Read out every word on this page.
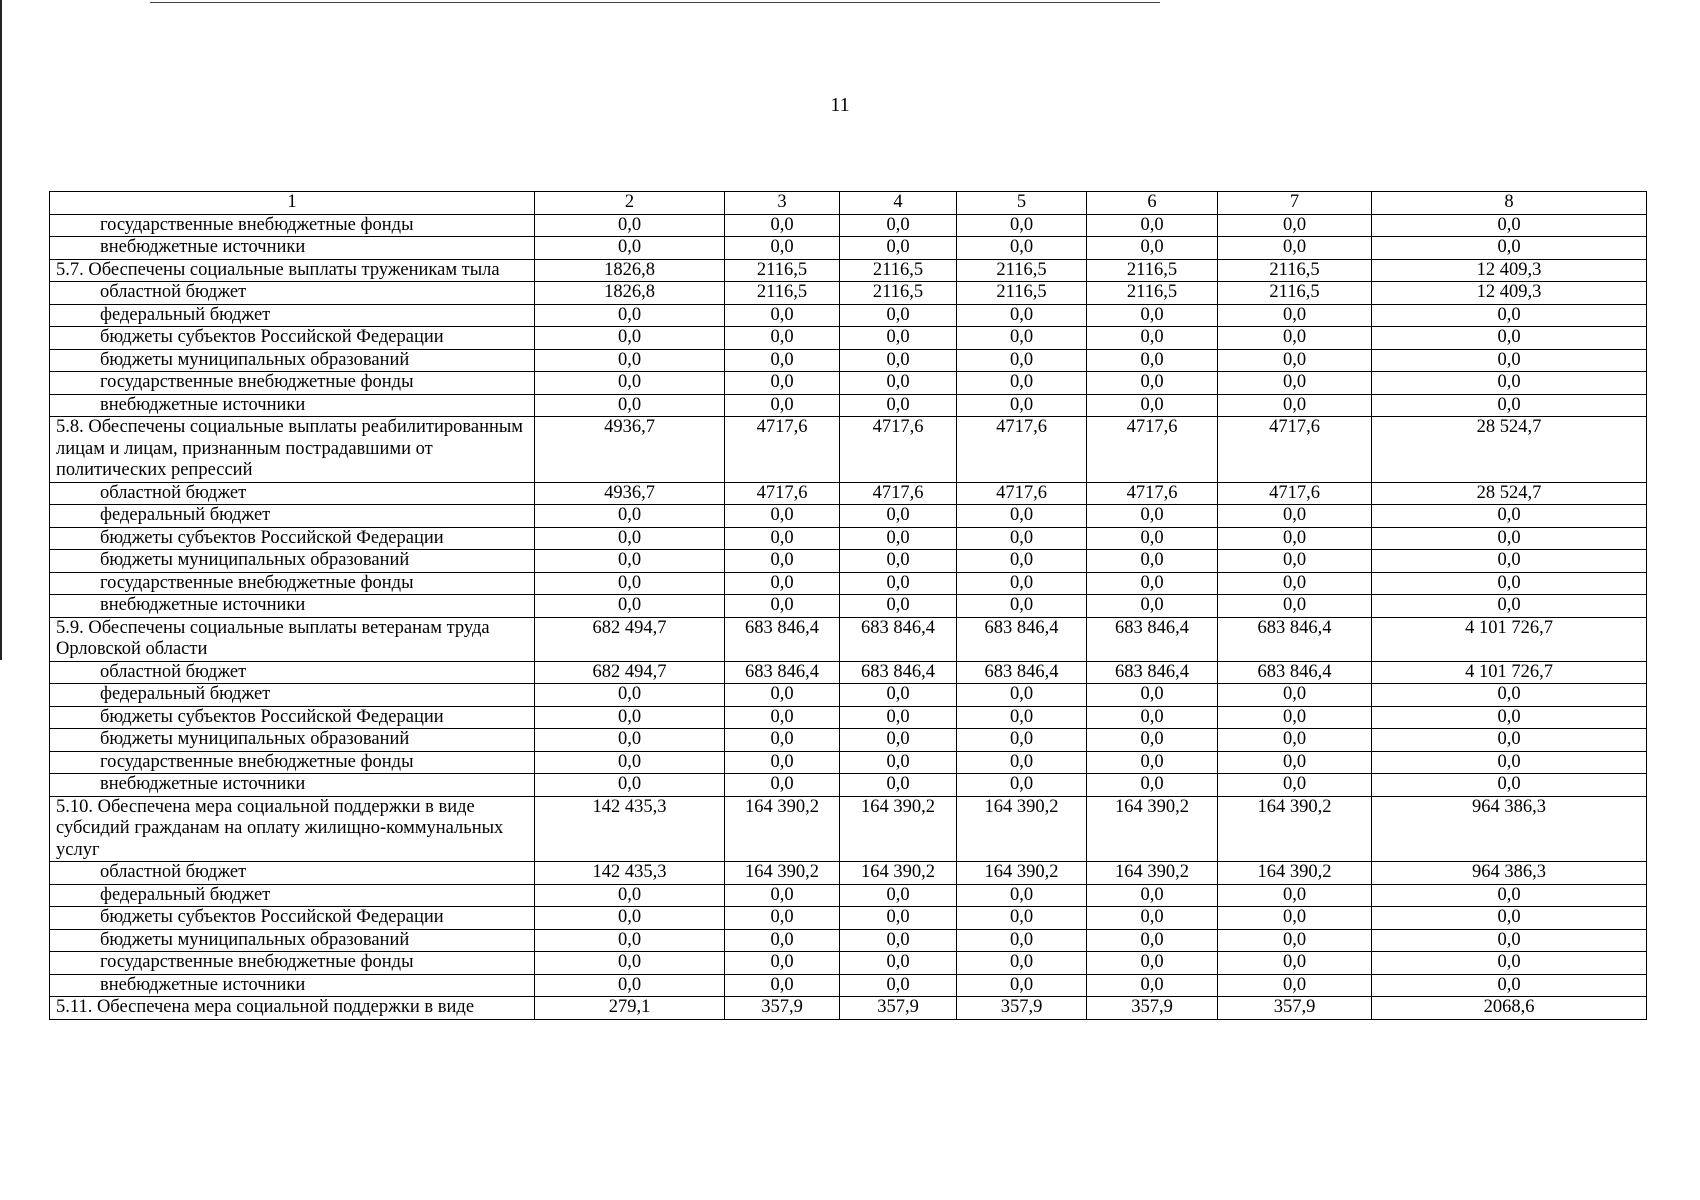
11
1	2	3	4	5	6	7	8
государственные внебюджетные фонды	0,0	0,0	0,0	0,0	0,0	0,0	0,0
внебюджетные источники	0,0	0,0	0,0	0,0	0,0	0,0	0,0
5.7. Обеспечены социальные выплаты труженикам тыла	1826,8	2116,5	2116,5	2116,5	2116,5	2116,5	12 409,3
областной бюджет	1826,8	2116,5	2116,5	2116,5	2116,5	2116,5	12 409,3
федеральный бюджет	0,0	0,0	0,0	0,0	0,0	0,0	0,0
бюджеты субъектов Российской Федерации	0,0	0,0	0,0	0,0	0,0	0,0	0,0
бюджеты муниципальных образований	0,0	0,0	0,0	0,0	0,0	0,0	0,0
государственные внебюджетные фонды	0,0	0,0	0,0	0,0	0,0	0,0	0,0
внебюджетные источники	0,0	0,0	0,0	0,0	0,0	0,0	0,0
5.8. Обеспечены социальные выплаты реабилитированным лицам и лицам, признанным пострадавшими от политических репрессий	4936,7	4717,6	4717,6	4717,6	4717,6	4717,6	28 524,7
областной бюджет	4936,7	4717,6	4717,6	4717,6	4717,6	4717,6	28 524,7
федеральный бюджет	0,0	0,0	0,0	0,0	0,0	0,0	0,0
бюджеты субъектов Российской Федерации	0,0	0,0	0,0	0,0	0,0	0,0	0,0
бюджеты муниципальных образований	0,0	0,0	0,0	0,0	0,0	0,0	0,0
государственные внебюджетные фонды	0,0	0,0	0,0	0,0	0,0	0,0	0,0
внебюджетные источники	0,0	0,0	0,0	0,0	0,0	0,0	0,0
5.9. Обеспечены социальные выплаты ветеранам труда Орловской области	682 494,7	683 846,4	683 846,4	683 846,4	683 846,4	683 846,4	4 101 726,7
областной бюджет	682 494,7	683 846,4	683 846,4	683 846,4	683 846,4	683 846,4	4 101 726,7
федеральный бюджет	0,0	0,0	0,0	0,0	0,0	0,0	0,0
бюджеты субъектов Российской Федерации	0,0	0,0	0,0	0,0	0,0	0,0	0,0
бюджеты муниципальных образований	0,0	0,0	0,0	0,0	0,0	0,0	0,0
государственные внебюджетные фонды	0,0	0,0	0,0	0,0	0,0	0,0	0,0
внебюджетные источники	0,0	0,0	0,0	0,0	0,0	0,0	0,0
5.10. Обеспечена мера социальной поддержки в виде субсидий гражданам на оплату жилищно-коммунальных услуг	142 435,3	164 390,2	164 390,2	164 390,2	164 390,2	164 390,2	964 386,3
областной бюджет	142 435,3	164 390,2	164 390,2	164 390,2	164 390,2	164 390,2	964 386,3
федеральный бюджет	0,0	0,0	0,0	0,0	0,0	0,0	0,0
бюджеты субъектов Российской Федерации	0,0	0,0	0,0	0,0	0,0	0,0	0,0
бюджеты муниципальных образований	0,0	0,0	0,0	0,0	0,0	0,0	0,0
государственные внебюджетные фонды	0,0	0,0	0,0	0,0	0,0	0,0	0,0
внебюджетные источники	0,0	0,0	0,0	0,0	0,0	0,0	0,0
5.11. Обеспечена мера социальной поддержки в виде	279,1	357,9	357,9	357,9	357,9	357,9	2068,6
